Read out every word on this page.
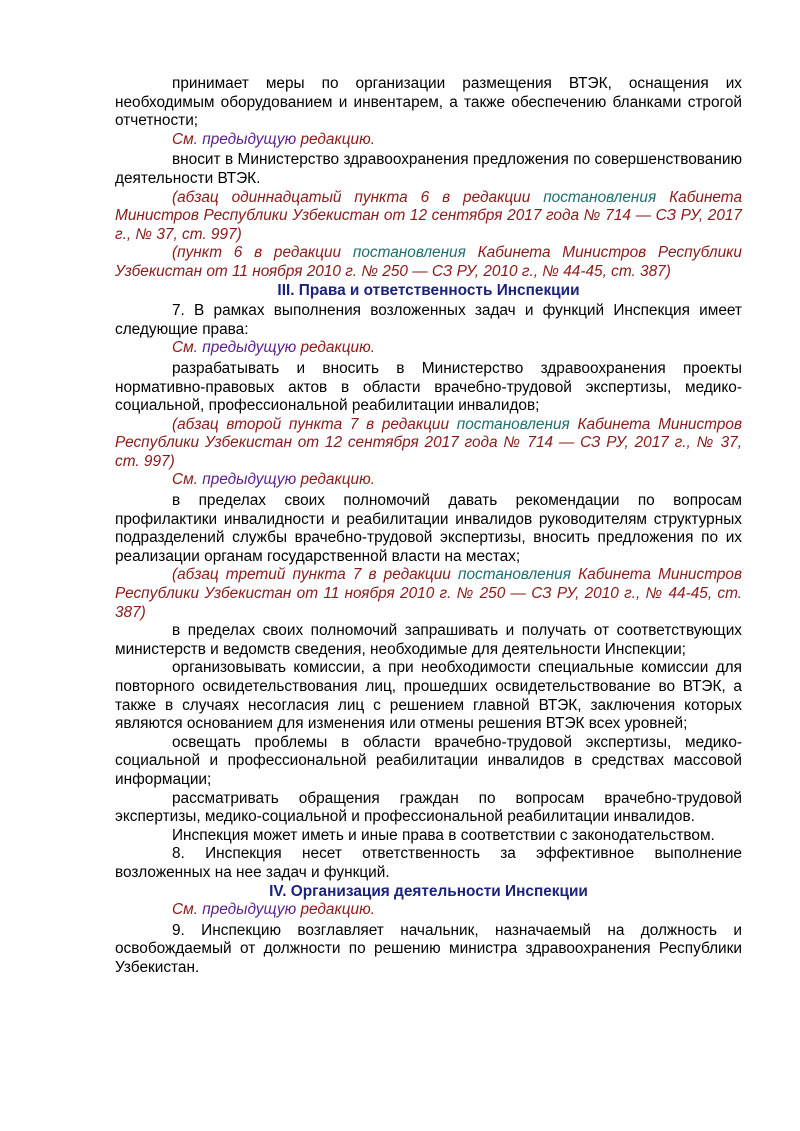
принимает меры по организации размещения ВТЭК, оснащения их необходимым оборудованием и инвентарем, а также обеспечению бланками строгой отчетности;

См. предыдущую редакцию.

вносит в Министерство здравоохранения предложения по совершенствованию деятельности ВТЭК.

(абзац одиннадцатый пункта 6 в редакции постановления Кабинета Министров Республики Узбекистан от 12 сентября 2017 года № 714 — СЗ РУ, 2017 г., № 37, ст. 997)

(пункт 6 в редакции постановления Кабинета Министров Республики Узбекистан от 11 ноября 2010 г. № 250 — СЗ РУ, 2010 г., № 44-45, ст. 387)

III. Права и ответственность Инспекции

7. В рамках выполнения возложенных задач и функций Инспекция имеет следующие права:

См. предыдущую редакцию.

разрабатывать и вносить в Министерство здравоохранения проекты нормативно-правовых актов в области врачебно-трудовой экспертизы, медико-социальной, профессиональной реабилитации инвалидов;

(абзац второй пункта 7 в редакции постановления Кабинета Министров Республики Узбекистан от 12 сентября 2017 года № 714 — СЗ РУ, 2017 г., № 37, ст. 997)

См. предыдущую редакцию.

в пределах своих полномочий давать рекомендации по вопросам профилактики инвалидности и реабилитации инвалидов руководителям структурных подразделений службы врачебно-трудовой экспертизы, вносить предложения по их реализации органам государственной власти на местах;

(абзац третий пункта 7 в редакции постановления Кабинета Министров Республики Узбекистан от 11 ноября 2010 г. № 250 — СЗ РУ, 2010 г., № 44-45, ст. 387)

в пределах своих полномочий запрашивать и получать от соответствующих министерств и ведомств сведения, необходимые для деятельности Инспекции;

организовывать комиссии, а при необходимости специальные комиссии для повторного освидетельствования лиц, прошедших освидетельствование во ВТЭК, а также в случаях несогласия лиц с решением главной ВТЭК, заключения которых являются основанием для изменения или отмены решения ВТЭК всех уровней;

освещать проблемы в области врачебно-трудовой экспертизы, медико-социальной и профессиональной реабилитации инвалидов в средствах массовой информации;

рассматривать обращения граждан по вопросам врачебно-трудовой экспертизы, медико-социальной и профессиональной реабилитации инвалидов.

Инспекция может иметь и иные права в соответствии с законодательством.

8. Инспекция несет ответственность за эффективное выполнение возложенных на нее задач и функций.

IV. Организация деятельности Инспекции

См. предыдущую редакцию.

9. Инспекцию возглавляет начальник, назначаемый на должность и освобождаемый от должности по решению министра здравоохранения Республики Узбекистан.
